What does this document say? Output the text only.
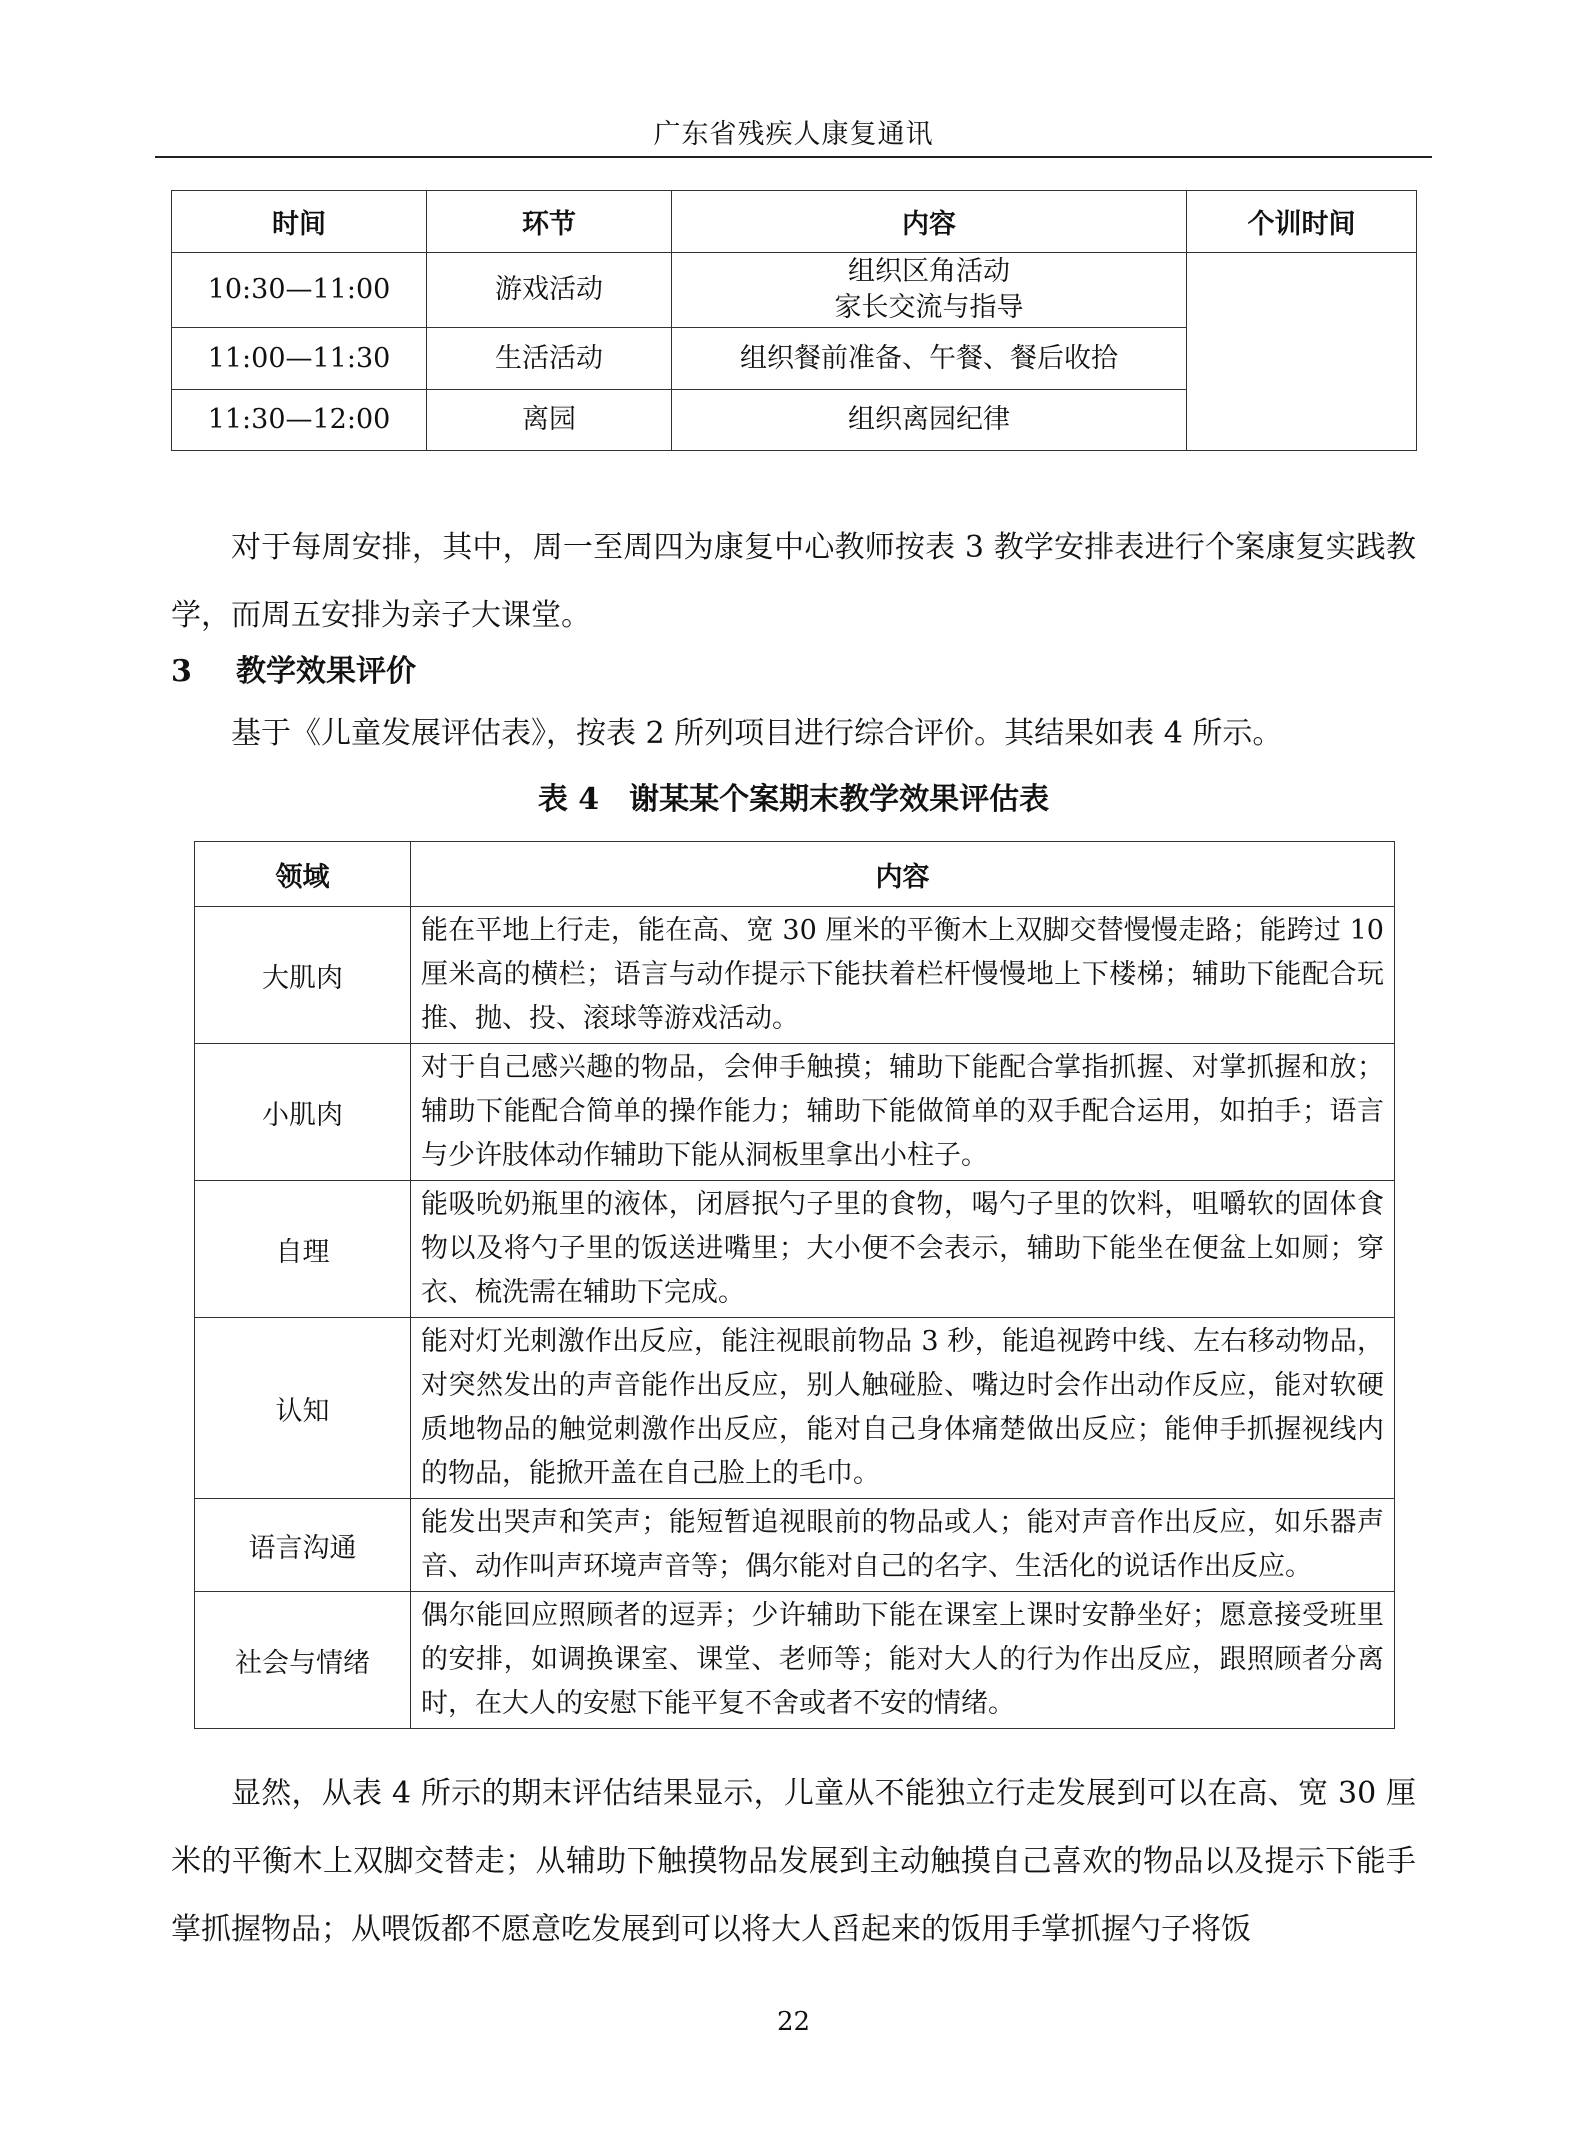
广东省残疾人康复通讯
时间	环节	内容	个训时间
10:30—11:00	游戏活动	组织区角活动
家长交流与指导	

11:00—11:30	生活活动	组织餐前准备、午餐、餐后收拾	
11:30—12:00	离园	组织离园纪律	

对于每周安排，其中，周一至周四为康复中心教师按表 3 教学安排表进行个案康复实践教学，而周五安排为亲子大课堂。

3 教学效果评价

基于《儿童发展评估表》，按表 2 所列项目进行综合评价。其结果如表 4 所示。

表 4　谢某某个案期末教学效果评估表

领域	内容
大肌肉	能在平地上行走，能在高、宽 30 厘米的平衡木上双脚交替慢慢走路；能跨过 10 厘米高的横栏；语言与动作提示下能扶着栏杆慢慢地上下楼梯；辅助下能配合玩推、抛、投、滚球等游戏活动。
小肌肉	对于自己感兴趣的物品，会伸手触摸；辅助下能配合掌指抓握、对掌抓握和放；辅助下能配合简单的操作能力；辅助下能做简单的双手配合运用，如拍手；语言与少许肢体动作辅助下能从洞板里拿出小柱子。
自理	能吸吮奶瓶里的液体，闭唇抿勺子里的食物，喝勺子里的饮料，咀嚼软的固体食物以及将勺子里的饭送进嘴里；大小便不会表示，辅助下能坐在便盆上如厕；穿衣、梳洗需在辅助下完成。
认知	能对灯光刺激作出反应，能注视眼前物品 3 秒，能追视跨中线、左右移动物品，对突然发出的声音能作出反应，别人触碰脸、嘴边时会作出动作反应，能对软硬质地物品的触觉刺激作出反应，能对自己身体痛楚做出反应；能伸手抓握视线内的物品，能掀开盖在自己脸上的毛巾。
语言沟通	能发出哭声和笑声；能短暂追视眼前的物品或人；能对声音作出反应，如乐器声音、动作叫声环境声音等；偶尔能对自己的名字、生活化的说话作出反应。
社会与情绪	偶尔能回应照顾者的逗弄；少许辅助下能在课室上课时安静坐好；愿意接受班里的安排，如调换课室、课堂、老师等；能对大人的行为作出反应，跟照顾者分离时，在大人的安慰下能平复不舍或者不安的情绪。

显然，从表 4 所示的期末评估结果显示，儿童从不能独立行走发展到可以在高、宽 30 厘米的平衡木上双脚交替走；从辅助下触摸物品发展到主动触摸自己喜欢的物品以及提示下能手掌抓握物品；从喂饭都不愿意吃发展到可以将大人舀起来的饭用手掌抓握勺子将饭

22
